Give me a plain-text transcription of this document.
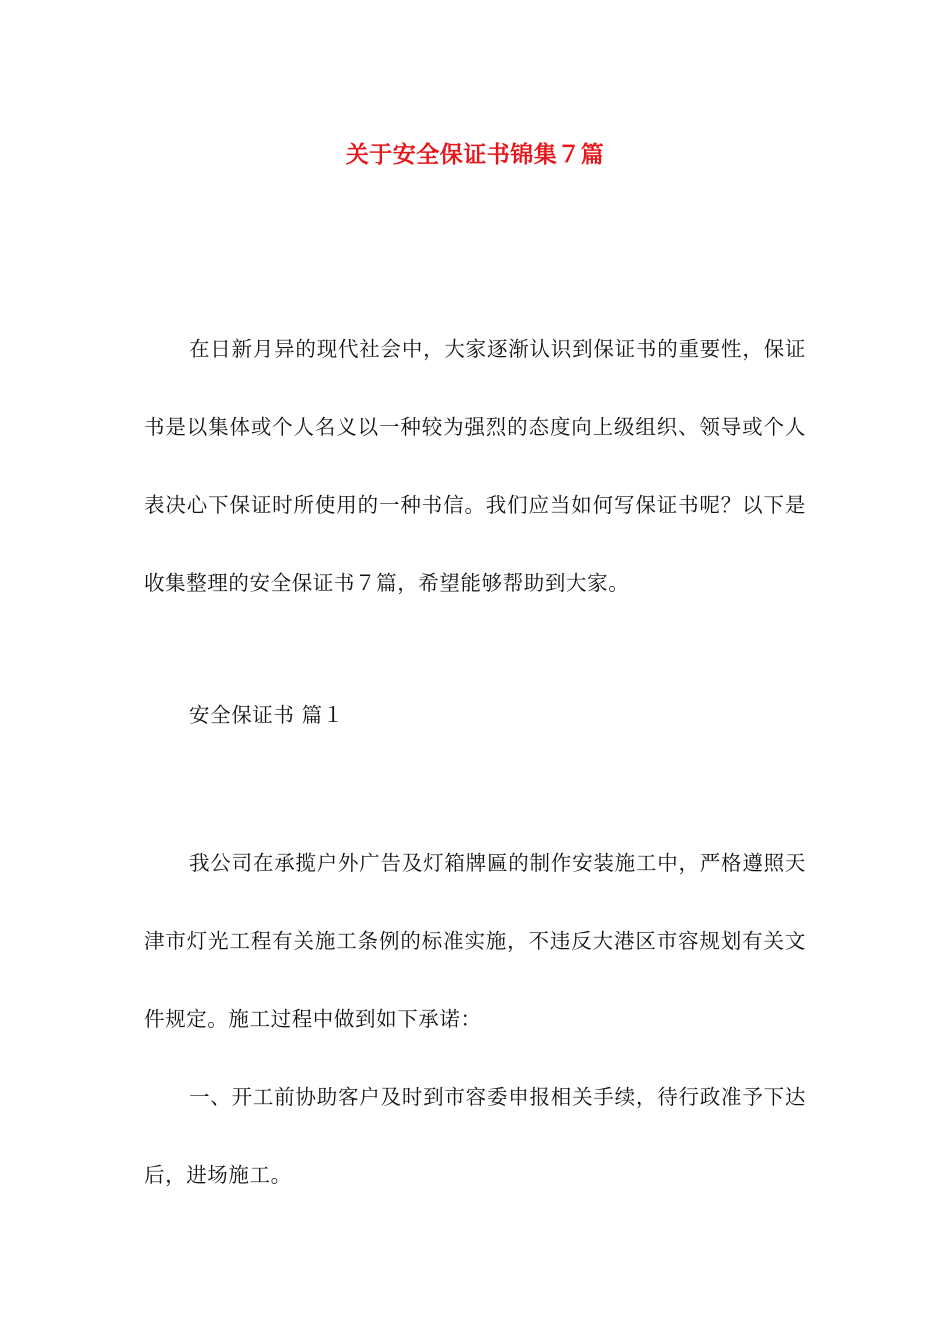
关于安全保证书锦集７篇

在日新月异的现代社会中，大家逐渐认识到保证书的重要性，保证书是以集体或个人名义以一种较为强烈的态度向上级组织、领导或个人表决心下保证时所使用的一种书信。我们应当如何写保证书呢？以下是收集整理的安全保证书７篇，希望能够帮助到大家。

安全保证书 篇１

我公司在承揽户外广告及灯箱牌匾的制作安装施工中，严格遵照天津市灯光工程有关施工条例的标准实施，不违反大港区市容规划有关文件规定。施工过程中做到如下承诺：

一、开工前协助客户及时到市容委申报相关手续，待行政准予下达后，进场施工。
